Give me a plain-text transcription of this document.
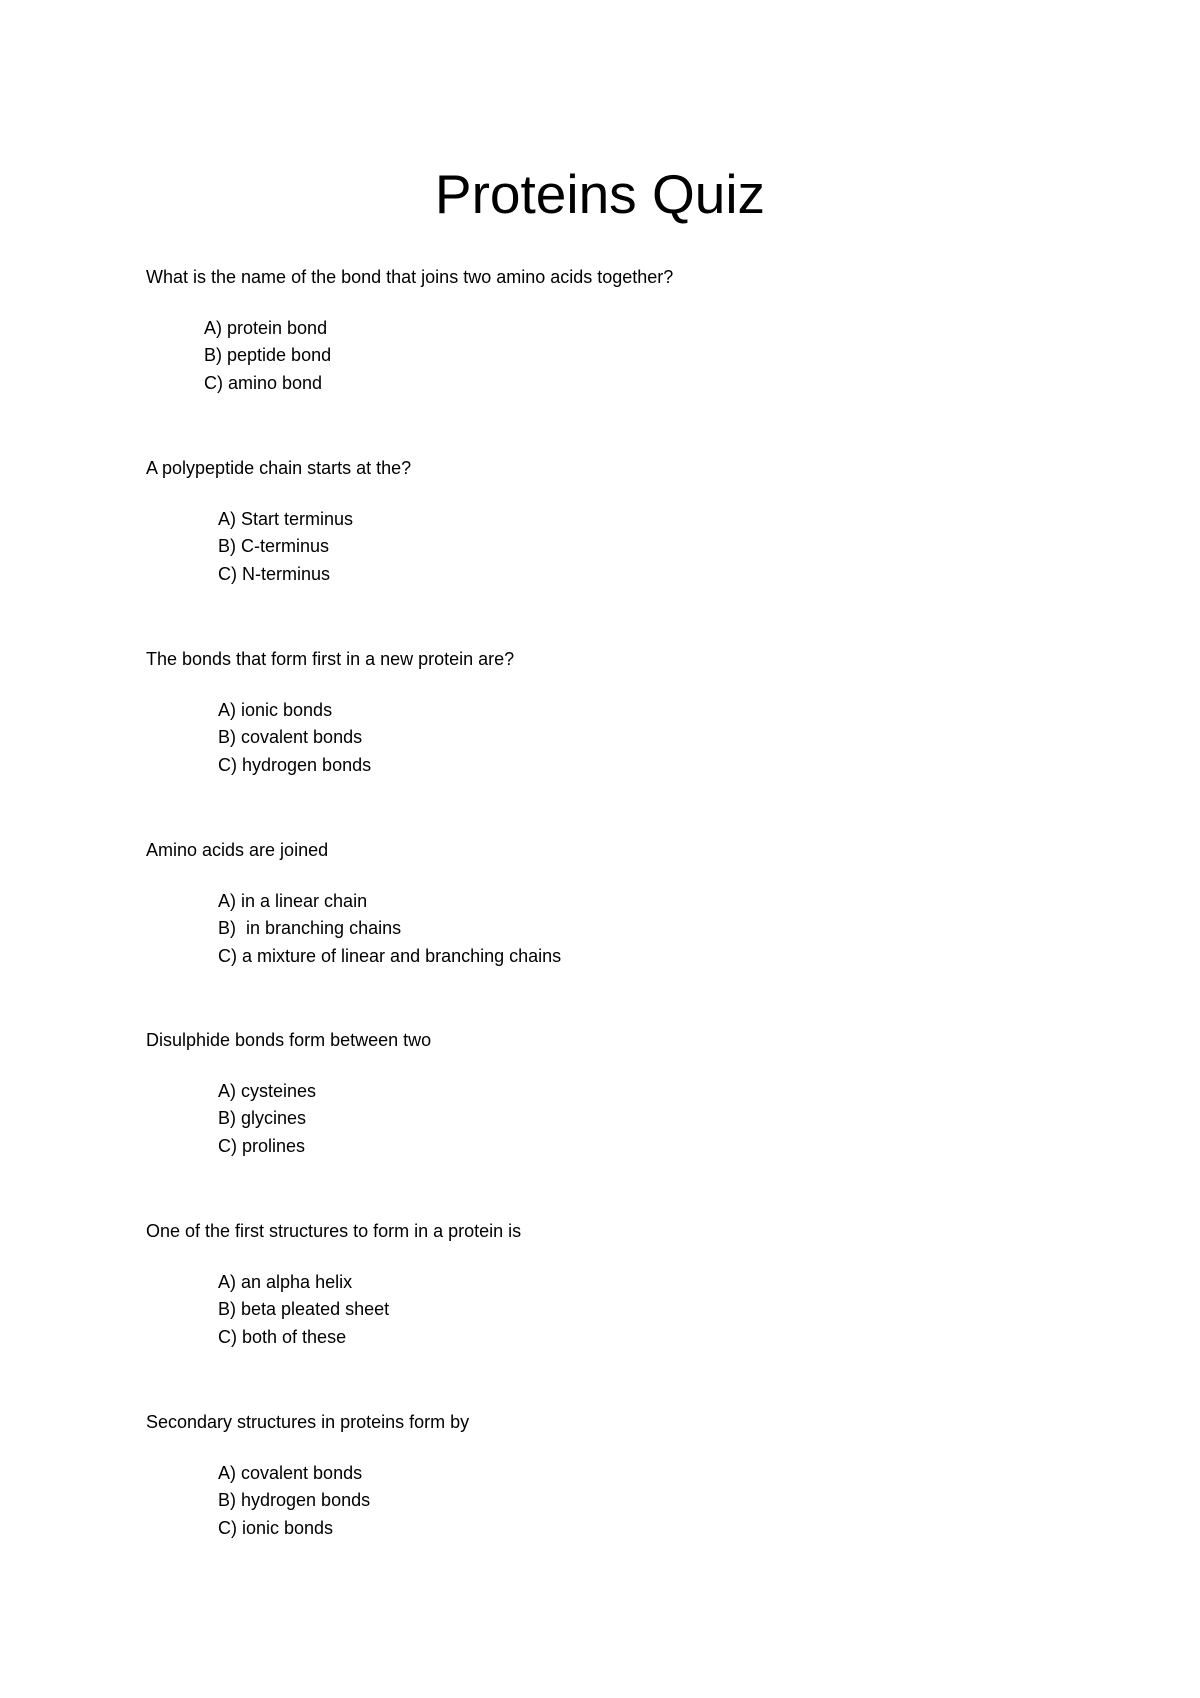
Proteins Quiz

What is the name of the bond that joins two amino acids together?

A) protein bond
B) peptide bond
C) amino bond

A polypeptide chain starts at the?

A) Start terminus
B) C-terminus
C) N-terminus

The bonds that form first in a new protein are?

A) ionic bonds
B) covalent bonds
C) hydrogen bonds

Amino acids are joined

A) in a linear chain
B)  in branching chains
C) a mixture of linear and branching chains

Disulphide bonds form between two

A) cysteines
B) glycines
C) prolines

One of the first structures to form in a protein is

A) an alpha helix
B) beta pleated sheet
C) both of these

Secondary structures in proteins form by

A) covalent bonds
B) hydrogen bonds
C) ionic bonds
